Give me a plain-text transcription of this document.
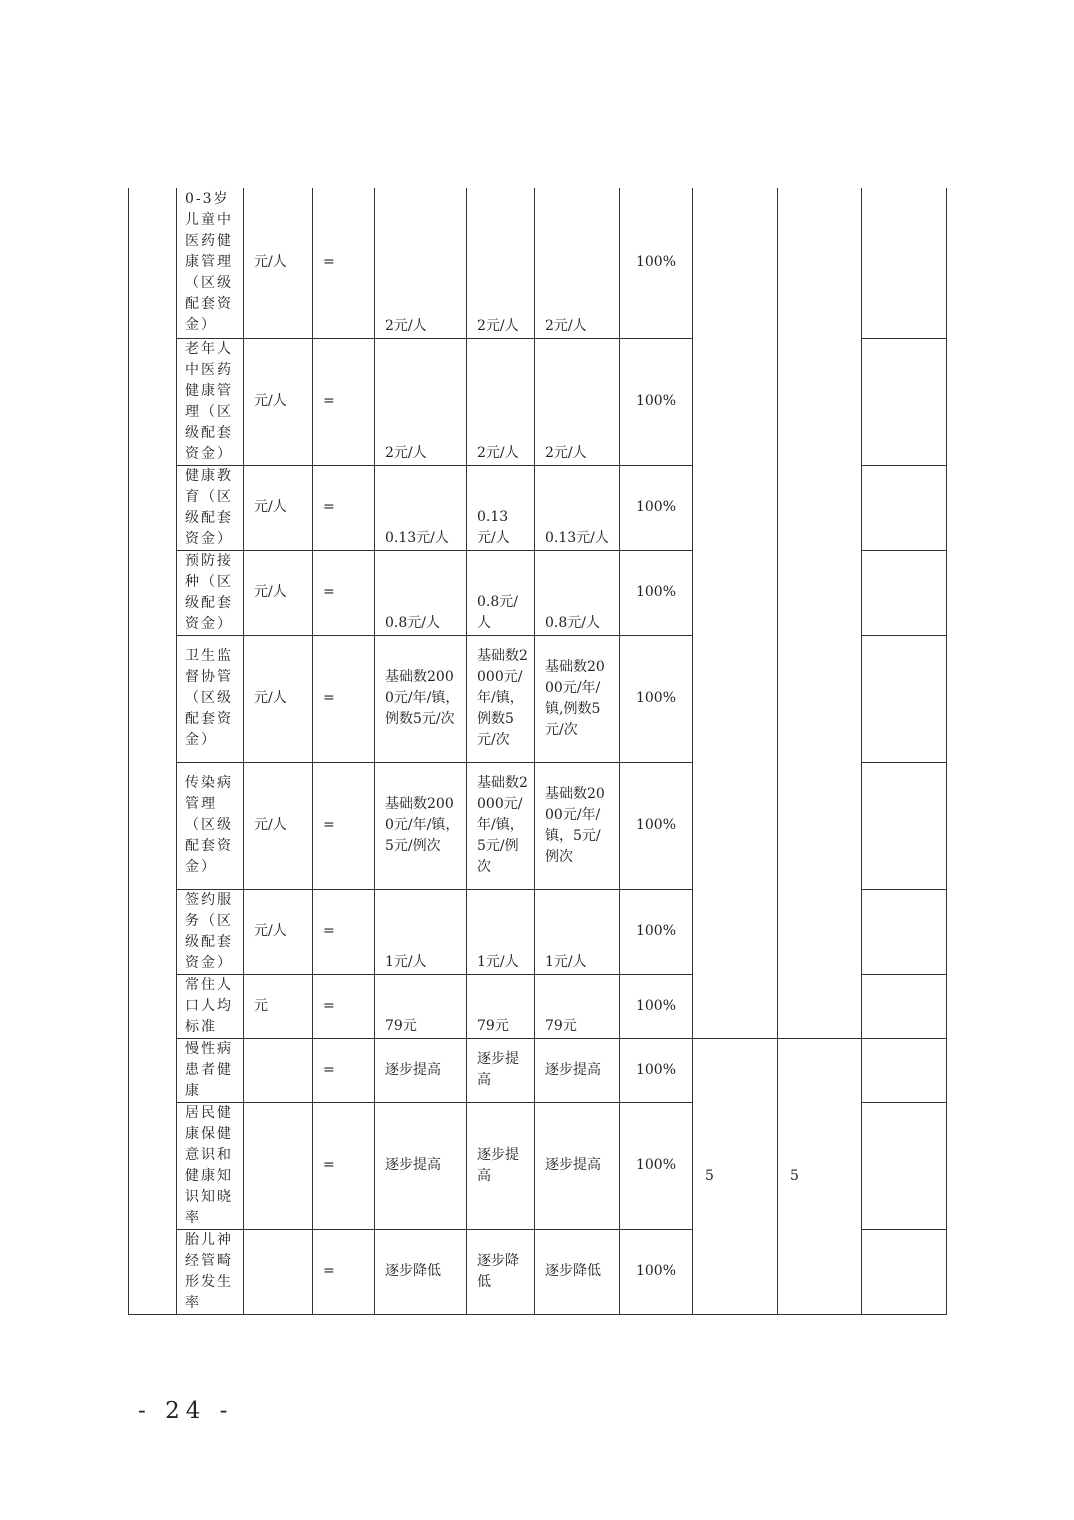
	0-3岁儿童中医药健康管理（区级配套资金）	元/人	=	2元/人	2元/人	2元/人	100%			
	老年人中医药健康管理（区级配套资金）	元/人	=	2元/人	2元/人	2元/人	100%			
	健康教育（区级配套资金）	元/人	=	0.13元/人	0.13元/人	0.13元/人	100%			
	预防接种（区级配套资金）	元/人	=	0.8元/人	0.8元/人	0.8元/人	100%			
	卫生监督协管（区级配套资金）	元/人	=	基础数2000元/年/镇，例数5元/次	基础数2000元/年/镇，例数5元/次	基础数2000元/年/镇,例数5元/次	100%			
	传染病管理（区级配套资金）	元/人	=	基础数2000元/年/镇，5元/例次	基础数2000元/年/镇，5元/例次	基础数2000元/年/镇，5元/例次	100%			
	签约服务（区级配套资金）	元/人	=	1元/人	1元/人	1元/人	100%			
	常住人口人均标准	元	=	79元	79元	79元	100%			
	慢性病患者健康		=	逐步提高	逐步提高	逐步提高	100%	5	5	
	居民健康保健意识和健康知识知晓率		=	逐步提高	逐步提高	逐步提高	100%			
	胎儿神经管畸形发生率		=	逐步降低	逐步降低	逐步降低	100%			
- 24 -
